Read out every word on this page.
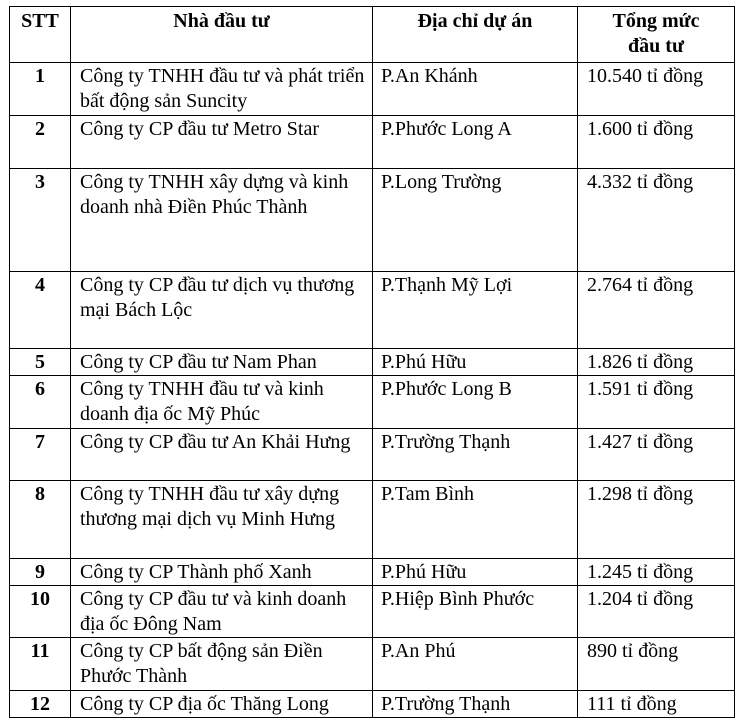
STT	Nhà đầu tư	Địa chỉ dự án	Tổng mức đầu tư
1	Công ty TNHH đầu tư và phát triển bất động sản Suncity	P.An Khánh	10.540 tỉ đồng
2	Công ty CP đầu tư Metro Star	P.Phước Long A	1.600 tỉ đồng
3	Công ty TNHH xây dựng và kinh doanh nhà Điền Phúc Thành	P.Long Trường	4.332 tỉ đồng
4	Công ty CP đầu tư dịch vụ thương mại Bách Lộc	P.Thạnh Mỹ Lợi	2.764 tỉ đồng
5	Công ty CP đầu tư Nam Phan	P.Phú Hữu	1.826 tỉ đồng
6	Công ty TNHH đầu tư và kinh doanh địa ốc Mỹ Phúc	P.Phước Long B	1.591 tỉ đồng
7	Công ty CP đầu tư An Khải Hưng	P.Trường Thạnh	1.427 tỉ đồng
8	Công ty TNHH đầu tư xây dựng thương mại dịch vụ Minh Hưng	P.Tam Bình	1.298 tỉ đồng
9	Công ty CP Thành phố Xanh	P.Phú Hữu	1.245 tỉ đồng
10	Công ty CP đầu tư và kinh doanh địa ốc Đông Nam	P.Hiệp Bình Phước	1.204 tỉ đồng
11	Công ty CP bất động sản Điền Phước Thành	P.An Phú	890 tỉ đồng
12	Công ty CP địa ốc Thăng Long	P.Trường Thạnh	111 tỉ đồng
